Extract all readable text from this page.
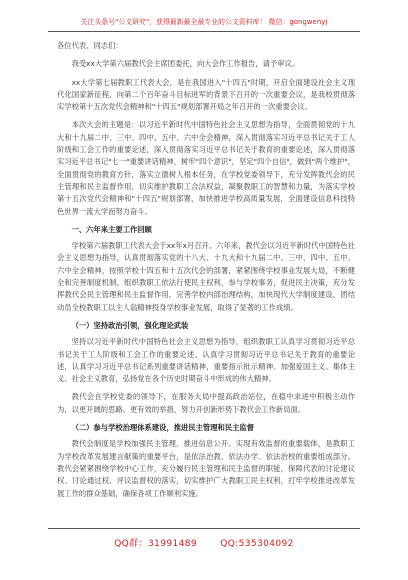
关注头条号"公文研究"，获得最新最全最专业的公文资料库！ 微信：gongwenyj

各位代表、同志们：

我受xx大学第六届教代会主席团委托，向大会作工作报告，请予审议。

xx大学第七届教职工代表大会，是在我国进入"十四五"时期，开启全面建设社会主义现代化国家新征程，向第二个百年奋斗目标进军的背景下召开的一次重要会议，是我校贯彻落实学校第十五次党代会精神和"十四五"规划部署开局之年召开的一次重要会议。

本次大会的主题是：以习近平新时代中国特色社会主义思想为指导，全面贯彻党的十九大和十九届二中、三中、四中、五中、六中全会精神，深入贯彻落实习近平总书记关于工人阶级和工会工作的重要论述，深入贯彻落实习近平总书记关于教育的重要论述，深入贯彻落实习近平总书记"七一"重要讲话精神，树牢"四个意识"，坚定"四个自信"，做到"两个维护"，全面贯彻党的教育方针，落实立德树人根本任务，在学校党委领导下，充分发挥教代会的民主管理和民主监督作用，切实维护教职工合法权益，凝聚教职工的智慧和力量，为落实学校第十五次党代会精神和"十四五"规划部署，加快推进学校高质量发展，全面建设信息科技特色世界一流大学而努力奋斗。

一、六年来主要工作回顾

学校第六届教职工代表大会于xx年x月召开。六年来，教代会以习近平新时代中国特色社会主义思想为指导，认真贯彻落实党的十八大、十九大和十九届二中、三中、四中、五中、六中全会精神，按照学校十四五和十五次代会的部署，紧紧围绕学校事业发展大局，不断健全和完善制度机制，组织教职工依法行使民主权利，参与学校事务，促进民主决策，充分发挥教代会民主管理和民主监督作用，完善学校内部治理结构，加快现代大学制度建设，团结动员全校教职工以主人翁精神投身学校事业发展，取得了显著的工作成绩。

（一）坚持政治引领，强化理论武装

坚持以习近平新时代中国特色社会主义思想为指导，组织教职工认真学习贯彻习近平总书记关于工人阶级和工会工作的重要论述、认真学习贯彻习近平总书记关于教育的重要论述，认真学习习近平总书记系列重要讲话精神，重要指示批示精神。加强爱国主义、集体主义、社会主义教育，弘扬党在各个历史时期奋斗中形成的伟大精神。

教代会在学校党委的领导下，在服务大局中提高政治站位，在稳中求进中积极主动作为，以更开阔的思路、更有效的举措，努力开创新形势下教代会工作新局面。

（二）参与学校治理体系建设，推进民主管理和民主监督

教代会制度是学校加强民主管理、推进信息公开、实现有效监督的重要载体，是教职工为学校改革发展建言献策的重要平台，是依法治教、依法办学、依法治校的重要组成部分。教代会紧紧围绕学校中心工作，充分履行民主管理和民主监督的职能，保障代表的讨论建议权、讨论通过权、评议监督权的落实，切实维护广大教职工民主权利，打牢学校推进改革发展工作的群众基础，确保各项工作顺利实施。

QQ群：31991489	QQ:535304092
